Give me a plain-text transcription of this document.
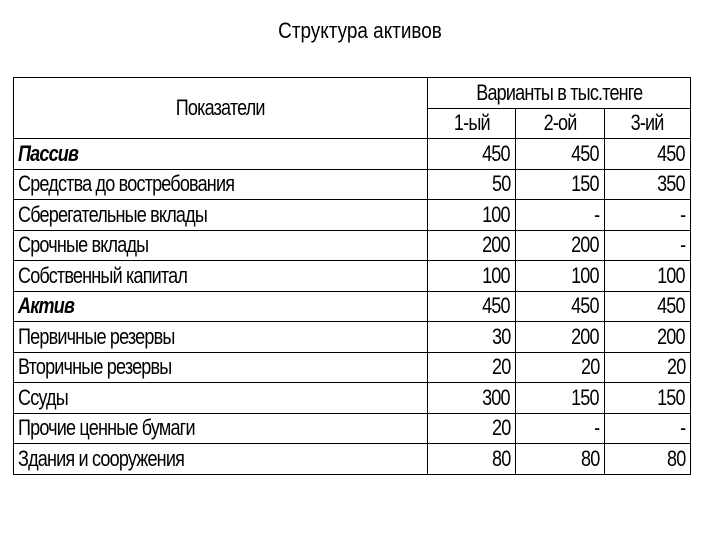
Структура активов
Показатели	Варианты в тыс.тенге		
	1-ый	2-ой	3-ий
Пассив	450	450	450
Средства до востребования	50	150	350
Сберегательные вклады	100	-	-
Срочные вклады	200	200	-
Собственный капитал	100	100	100
Актив	450	450	450
Первичные резервы	30	200	200
Вторичные резервы	20	20	20
Ссуды	300	150	150
Прочие ценные бумаги	20	-	-
Здания и сооружения	80	80	80
